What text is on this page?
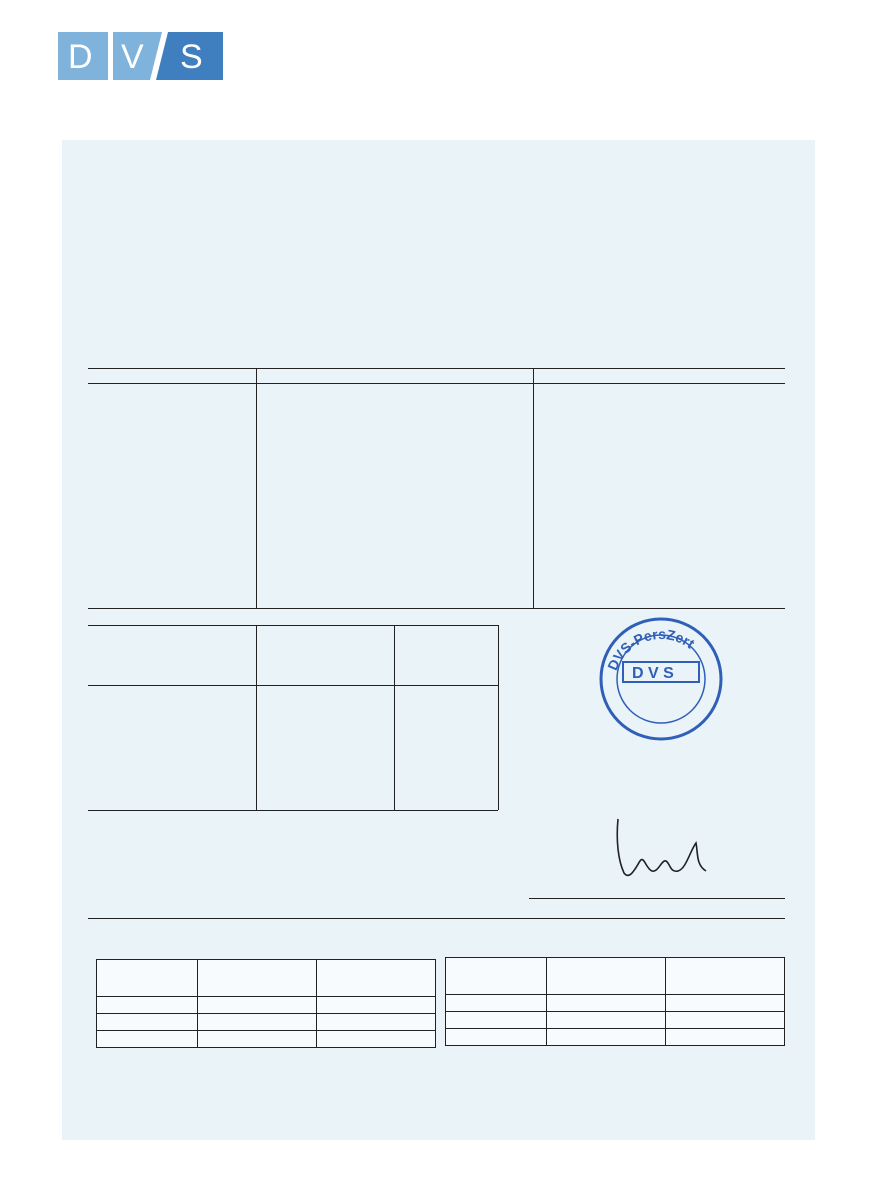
D V S
DVS-PersZert
D V S
